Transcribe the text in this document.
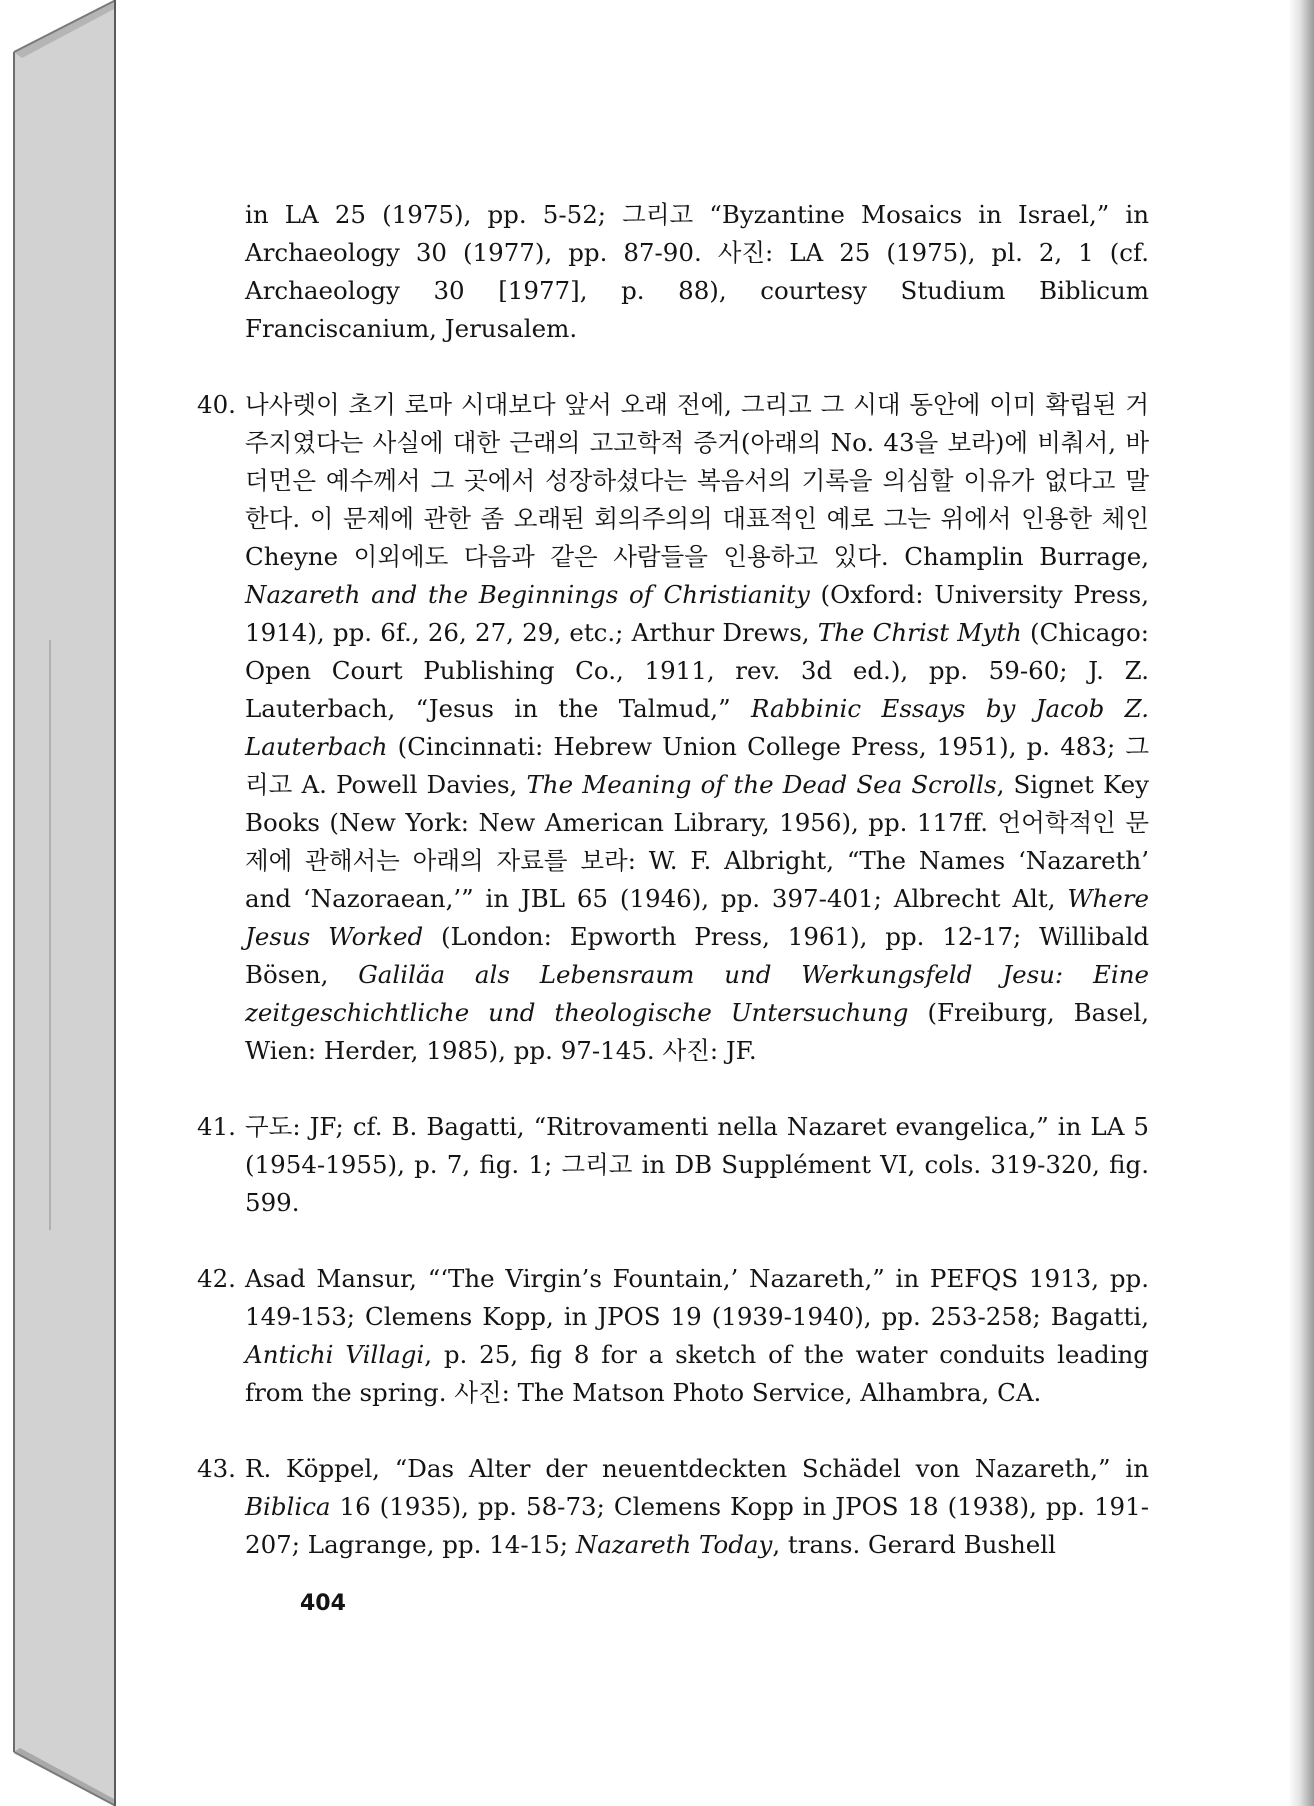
in LA 25 (1975), pp. 5-52; 그리고 “Byzantine Mosaics in Israel,” in Archaeology 30 (1977), pp. 87-90. 사진: LA 25 (1975), pl. 2, 1 (cf. Archaeology 30 [1977], p. 88), courtesy Studium Biblicum Franciscanium, Jerusalem.

40. 나사렛이 초기 로마 시대보다 앞서 오래 전에, 그리고 그 시대 동안에 이미 확립된 거주지였다는 사실에 대한 근래의 고고학적 증거(아래의 No. 43을 보라)에 비춰서, 바더먼은 예수께서 그 곳에서 성장하셨다는 복음서의 기록을 의심할 이유가 없다고 말한다. 이 문제에 관한 좀 오래된 회의주의의 대표적인 예로 그는 위에서 인용한 체인 Cheyne 이외에도 다음과 같은 사람들을 인용하고 있다. Champlin Burrage, Nazareth and the Beginnings of Christianity (Oxford: University Press, 1914), pp. 6f., 26, 27, 29, etc.; Arthur Drews, The Christ Myth (Chicago: Open Court Publishing Co., 1911, rev. 3d ed.), pp. 59-60; J. Z. Lauterbach, “Jesus in the Talmud,” Rabbinic Essays by Jacob Z. Lauterbach (Cincinnati: Hebrew Union College Press, 1951), p. 483; 그리고 A. Powell Davies, The Meaning of the Dead Sea Scrolls, Signet Key Books (New York: New American Library, 1956), pp. 117ff. 언어학적인 문제에 관해서는 아래의 자료를 보라: W. F. Albright, “The Names ‘Nazareth’ and ‘Nazoraean,’” in JBL 65 (1946), pp. 397-401; Albrecht Alt, Where Jesus Worked (London: Epworth Press, 1961), pp. 12-17; Willibald Bösen, Galiläa als Lebensraum und Werkungsfeld Jesu: Eine zeitgeschichtliche und theologische Untersuchung (Freiburg, Basel, Wien: Herder, 1985), pp. 97-145. 사진: JF.

41. 구도: JF; cf. B. Bagatti, “Ritrovamenti nella Nazaret evangelica,” in LA 5 (1954-1955), p. 7, fig. 1; 그리고 in DB Supplément VI, cols. 319-320, fig. 599.

42. Asad Mansur, “‘The Virgin’s Fountain,’ Nazareth,” in PEFQS 1913, pp. 149-153; Clemens Kopp, in JPOS 19 (1939-1940), pp. 253-258; Bagatti, Antichi Villagi, p. 25, fig 8 for a sketch of the water conduits leading from the spring. 사진: The Matson Photo Service, Alhambra, CA.

43. R. Köppel, “Das Alter der neuentdeckten Schädel von Nazareth,” in Biblica 16 (1935), pp. 58-73; Clemens Kopp in JPOS 18 (1938), pp. 191-207; Lagrange, pp. 14-15; Nazareth Today, trans. Gerard Bushell

404
